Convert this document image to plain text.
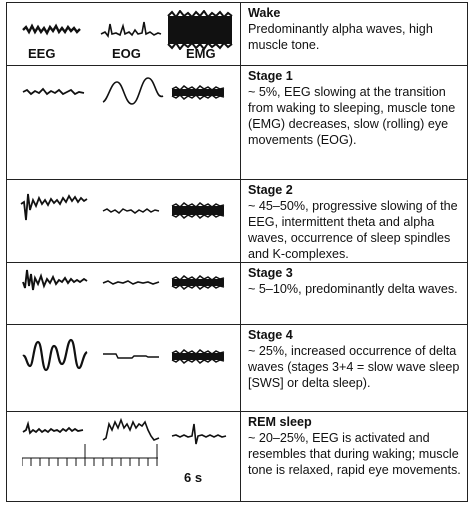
Wake
Predominantly alpha waves, high muscle tone.
Stage 1
~ 5%, EEG slowing at the transition from waking to sleeping, muscle tone (EMG) decreases, slow (rolling) eye movements (EOG).
Stage 2
~ 45–50%, progressive slowing of the EEG, intermittent theta and alpha waves, occurrence of sleep spindles and K-complexes.
Stage 3
~ 5–10%, predominantly delta waves.
Stage 4
~ 25%, increased occurrence of delta waves (stages 3+4 = slow wave sleep [SWS] or delta sleep).
REM sleep
~ 20–25%, EEG is activated and resembles that during waking; muscle tone is relaxed, rapid eye movements.
EEG	EOG	EMG
6 s
